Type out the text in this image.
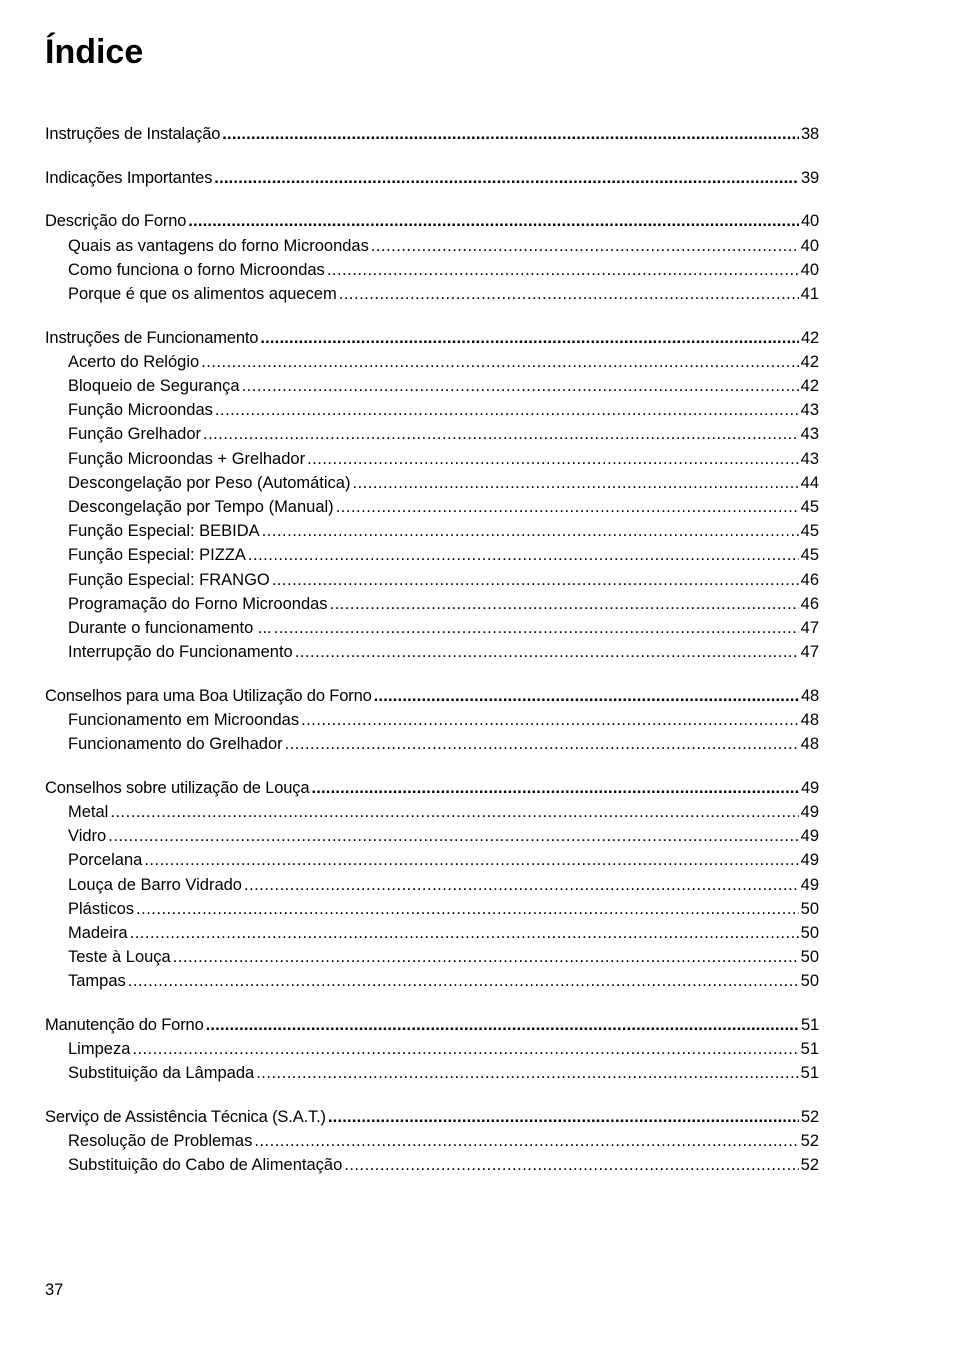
Índice
Instruções de Instalação .....	38
Indicações Importantes .....	39
Descrição do Forno .....	40
Quais as vantagens do forno Microondas .....	40
Como funciona o forno Microondas .....	40
Porque é que os alimentos aquecem .....	41
Instruções de Funcionamento .....	42
Acerto do Relógio .....	42
Bloqueio de Segurança .....	42
Função Microondas .....	43
Função Grelhador .....	43
Função Microondas + Grelhador .....	43
Descongelação por Peso (Automática) .....	44
Descongelação por Tempo (Manual) .....	45
Função Especial: BEBIDA .....	45
Função Especial: PIZZA .....	45
Função Especial: FRANGO .....	46
Programação do Forno Microondas .....	46
Durante o funcionamento ... .....	47
Interrupção do Funcionamento .....	47
Conselhos para uma Boa Utilização do Forno .....	48
Funcionamento em Microondas .....	48
Funcionamento do Grelhador .....	48
Conselhos sobre utilização de Louça .....	49
Metal .....	49
Vidro .....	49
Porcelana .....	49
Louça de Barro Vidrado .....	49
Plásticos .....	50
Madeira .....	50
Teste à Louça .....	50
Tampas .....	50
Manutenção do Forno .....	51
Limpeza .....	51
Substituição da Lâmpada .....	51
Serviço de Assistência Técnica (S.A.T.) .....	52
Resolução de Problemas .....	52
Substituição do Cabo de Alimentação .....	52
37
